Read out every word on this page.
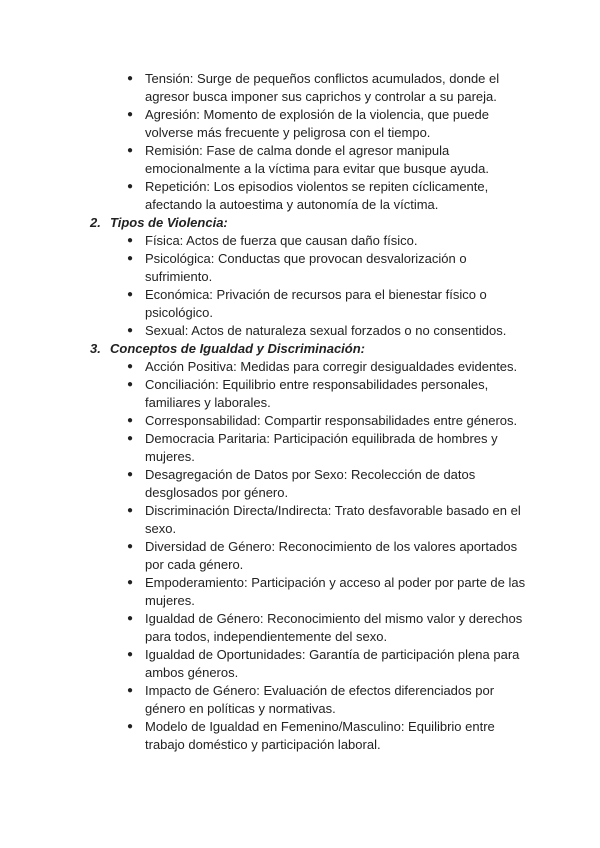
● Tensión: Surge de pequeños conflictos acumulados, donde el agresor busca imponer sus caprichos y controlar a su pareja.
● Agresión: Momento de explosión de la violencia, que puede volverse más frecuente y peligrosa con el tiempo.
● Remisión: Fase de calma donde el agresor manipula emocionalmente a la víctima para evitar que busque ayuda.
● Repetición: Los episodios violentos se repiten cíclicamente, afectando la autoestima y autonomía de la víctima.
2. Tipos de Violencia:
● Física: Actos de fuerza que causan daño físico.
● Psicológica: Conductas que provocan desvalorización o sufrimiento.
● Económica: Privación de recursos para el bienestar físico o psicológico.
● Sexual: Actos de naturaleza sexual forzados o no consentidos.
3. Conceptos de Igualdad y Discriminación:
● Acción Positiva: Medidas para corregir desigualdades evidentes.
● Conciliación: Equilibrio entre responsabilidades personales, familiares y laborales.
● Corresponsabilidad: Compartir responsabilidades entre géneros.
● Democracia Paritaria: Participación equilibrada de hombres y mujeres.
● Desagregación de Datos por Sexo: Recolección de datos desglosados por género.
● Discriminación Directa/Indirecta: Trato desfavorable basado en el sexo.
● Diversidad de Género: Reconocimiento de los valores aportados por cada género.
● Empoderamiento: Participación y acceso al poder por parte de las mujeres.
● Igualdad de Género: Reconocimiento del mismo valor y derechos para todos, independientemente del sexo.
● Igualdad de Oportunidades: Garantía de participación plena para ambos géneros.
● Impacto de Género: Evaluación de efectos diferenciados por género en políticas y normativas.
● Modelo de Igualdad en Femenino/Masculino: Equilibrio entre trabajo doméstico y participación laboral.
